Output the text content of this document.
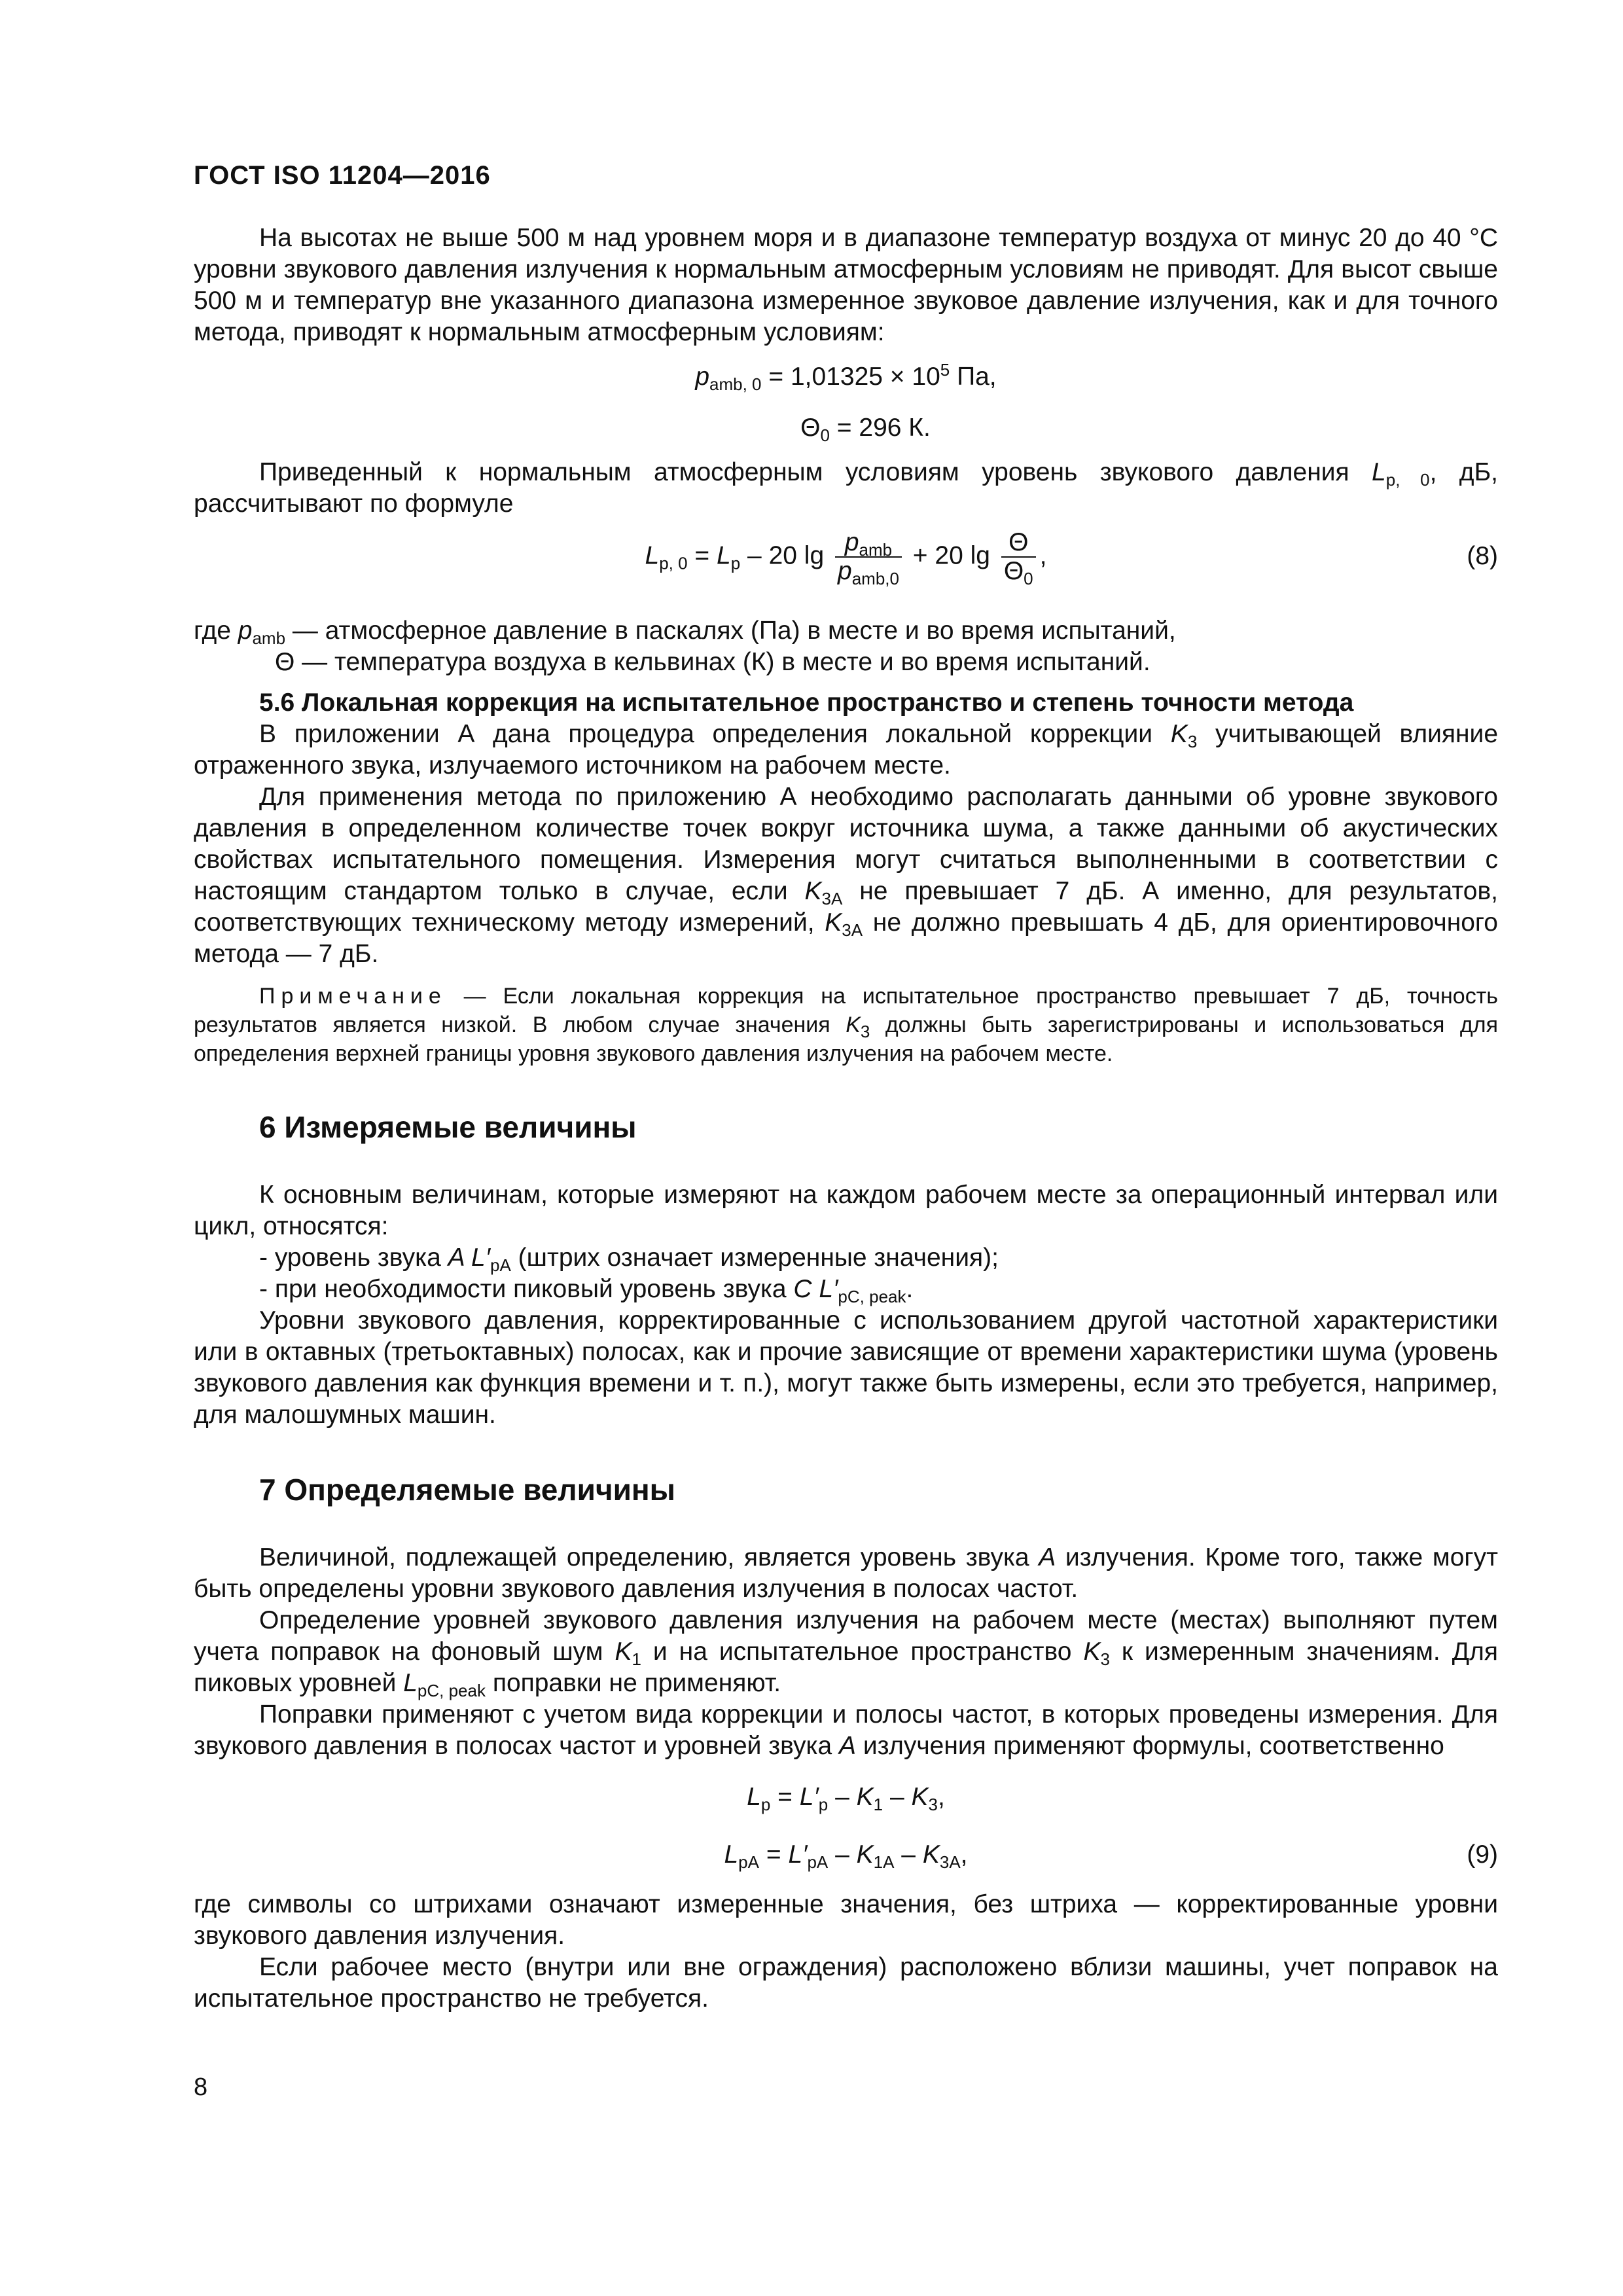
ГОСТ ISO 11204—2016

На высотах не выше 500 м над уровнем моря и в диапазоне температур воздуха от минус 20 до 40 °С уровни звукового давления излучения к нормальным атмосферным условиям не приводят. Для высот свыше 500 м и температур вне указанного диапазона измеренное звуковое давление излучения, как и для точного метода, приводят к нормальным атмосферным условиям:

$p_{amb, 0} = 1,01325 \times 10^5$ Па,
$\Theta_0 = 296$ К.

Приведенный к нормальным атмосферным условиям уровень звукового давления $L_{p, 0}$, дБ, рассчитывают по формуле

$L_{p, 0} = L_p - 20$ $\lg \frac{p_{amb}}{p_{amb,0}} + 20$ $\lg \frac{\Theta}{\Theta_0}$ ,	(8)

где $p_{amb}$ — атмосферное давление в паскалях (Па) в месте и во время испытаний,

Θ — температура воздуха в кельвинах (К) в месте и во время испытаний.

5.6 Локальная коррекция на испытательное пространство и степень точности метода

В приложении А дана процедура определения локальной коррекции $K_3$ учитывающей влияние отраженного звука, излучаемого источником на рабочем месте.

Для применения метода по приложению А необходимо располагать данными об уровне звукового давления в определенном количестве точек вокруг источника шума, а также данными об акустических свойствах испытательного помещения. Измерения могут считаться выполненными в соответствии с настоящим стандартом только в случае, если $K_{3A}$ не превышает 7 дБ. А именно, для результатов, соответствующих техническому методу измерений, $K_{3A}$ не должно превышать 4 дБ, для ориентировочного метода — 7 дБ.

Примечание — Если локальная коррекция на испытательное пространство превышает 7 дБ, точность результатов является низкой. В любом случае значения $K_3$ должны быть зарегистрированы и использоваться для определения верхней границы уровня звукового давления излучения на рабочем месте.

6 Измеряемые величины

К основным величинам, которые измеряют на каждом рабочем месте за операционный интервал или цикл, относятся:

- уровень звука A $L'_{pA}$ (штрих означает измеренные значения);

- при необходимости пиковый уровень звука C $L'_{pC, peak}$.

Уровни звукового давления, корректированные с использованием другой частотной характеристики или в октавных (третьоктавных) полосах, как и прочие зависящие от времени характеристики шума (уровень звукового давления как функция времени и т. п.), могут также быть измерены, если это требуется, например, для малошумных машин.

7 Определяемые величины

Величиной, подлежащей определению, является уровень звука A излучения. Кроме того, также могут быть определены уровни звукового давления излучения в полосах частот.

Определение уровней звукового давления излучения на рабочем месте (местах) выполняют путем учета поправок на фоновый шум $K_1$ и на испытательное пространство $K_3$ к измеренным значениям. Для пиковых уровней $L_{pC, peak}$ поправки не применяют.

Поправки применяют с учетом вида коррекции и полосы частот, в которых проведены измерения. Для звукового давления в полосах частот и уровней звука A излучения применяют формулы, соответственно

$L_p = L'_p - K_1 - K_3$,
$L_{pA} = L'_{pA} - K_{1A} - K_{3A}$,	(9)

где символы со штрихами означают измеренные значения, без штриха — корректированные уровни звукового давления излучения.

Если рабочее место (внутри или вне ограждения) расположено вблизи машины, учет поправок на испытательное пространство не требуется.

8
